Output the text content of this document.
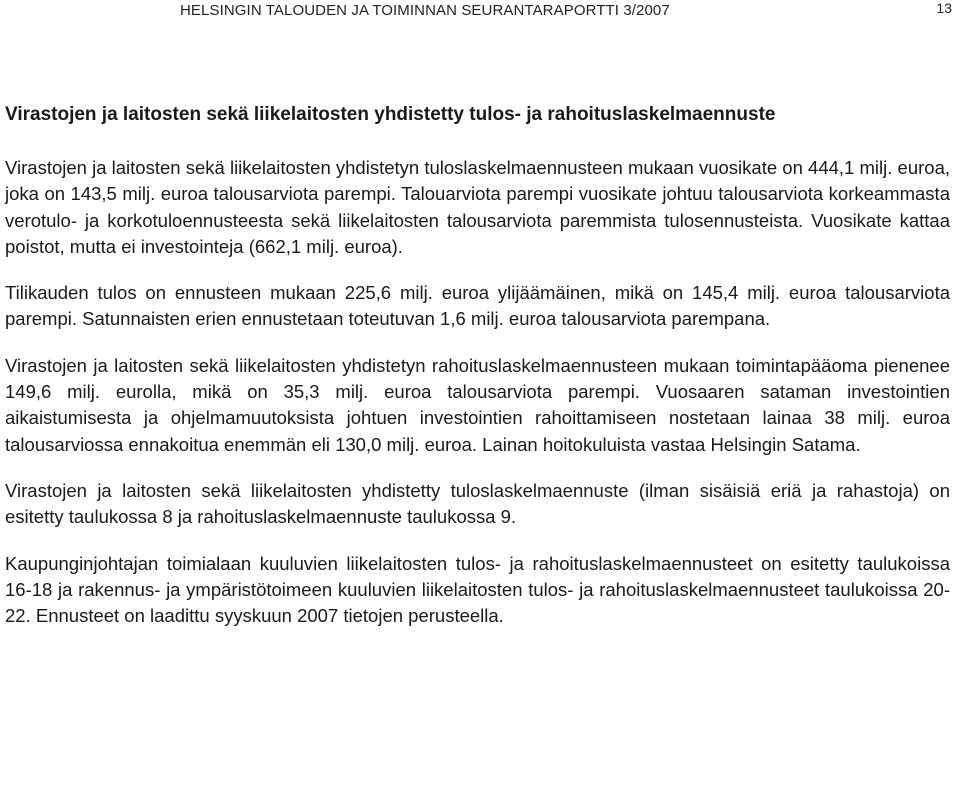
HELSINGIN TALOUDEN JA TOIMINNAN SEURANTARAPORTTI 3/2007	13
Virastojen ja laitosten sekä liikelaitosten yhdistetty tulos- ja rahoituslaskelmaennuste

Virastojen ja laitosten sekä liikelaitosten yhdistetyn tuloslaskelmaennusteen mukaan vuosikate on 444,1 milj. euroa, joka on 143,5 milj. euroa talousarviota parempi. Talouarviota parempi vuosikate johtuu talousarviota korkeammasta verotulo- ja korkotuloennusteesta sekä liikelaitosten talousarviota paremmista tulosennusteista. Vuosikate kattaa poistot, mutta ei investointeja (662,1 milj. euroa).

Tilikauden tulos on ennusteen mukaan 225,6 milj. euroa ylijäämäinen, mikä on 145,4 milj. euroa talousarviota parempi. Satunnaisten erien ennustetaan toteutuvan 1,6 milj. euroa talousarviota parempana.

Virastojen ja laitosten sekä liikelaitosten yhdistetyn rahoituslaskelmaennusteen mukaan toimintapääoma pienenee 149,6 milj. eurolla, mikä on 35,3 milj. euroa talousarviota parempi. Vuosaaren sataman investointien aikaistumisesta ja ohjelmamuutoksista johtuen investointien rahoittamiseen nostetaan lainaa 38 milj. euroa talousarviossa ennakoitua enemmän eli 130,0 milj. euroa. Lainan hoitokuluista vastaa Helsingin Satama.

Virastojen ja laitosten sekä liikelaitosten yhdistetty tuloslaskelmaennuste (ilman sisäisiä eriä ja rahastoja) on esitetty taulukossa 8 ja rahoituslaskelmaennuste taulukossa 9.

Kaupunginjohtajan toimialaan kuuluvien liikelaitosten tulos- ja rahoituslaskelmaennusteet on esitetty taulukoissa 16-18 ja rakennus- ja ympäristötoimeen kuuluvien liikelaitosten tulos- ja rahoituslaskelmaennusteet taulukoissa 20-22. Ennusteet on laadittu syyskuun 2007 tietojen perusteella.
